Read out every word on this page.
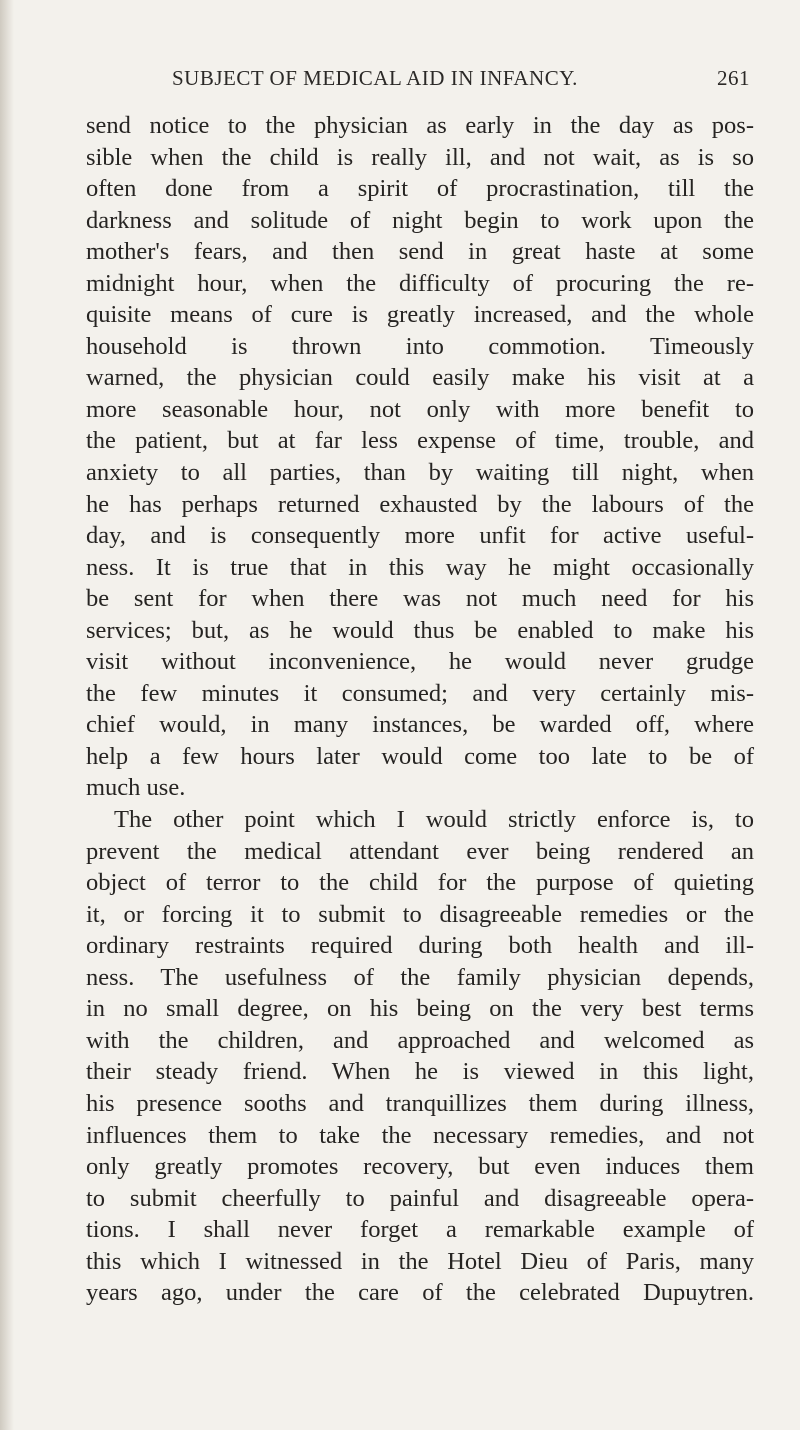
SUBJECT OF MEDICAL AID IN INFANCY.	261
send notice to the physician as early in the day as pos-
sible when the child is really ill, and not wait, as is so
often done from a spirit of procrastination, till the
darkness and solitude of night begin to work upon the
mother's fears, and then send in great haste at some
midnight hour, when the difficulty of procuring the re-
quisite means of cure is greatly increased, and the whole
household is thrown into commotion. Timeously
warned, the physician could easily make his visit at a
more seasonable hour, not only with more benefit to
the patient, but at far less expense of time, trouble, and
anxiety to all parties, than by waiting till night, when
he has perhaps returned exhausted by the labours of the
day, and is consequently more unfit for active useful-
ness. It is true that in this way he might occasionally
be sent for when there was not much need for his
services; but, as he would thus be enabled to make his
visit without inconvenience, he would never grudge
the few minutes it consumed; and very certainly mis-
chief would, in many instances, be warded off, where
help a few hours later would come too late to be of
much use.
The other point which I would strictly enforce is, to
prevent the medical attendant ever being rendered an
object of terror to the child for the purpose of quieting
it, or forcing it to submit to disagreeable remedies or the
ordinary restraints required during both health and ill-
ness. The usefulness of the family physician depends,
in no small degree, on his being on the very best terms
with the children, and approached and welcomed as
their steady friend. When he is viewed in this light,
his presence sooths and tranquillizes them during illness,
influences them to take the necessary remedies, and not
only greatly promotes recovery, but even induces them
to submit cheerfully to painful and disagreeable opera-
tions. I shall never forget a remarkable example of
this which I witnessed in the Hotel Dieu of Paris, many
years ago, under the care of the celebrated Dupuytren.
